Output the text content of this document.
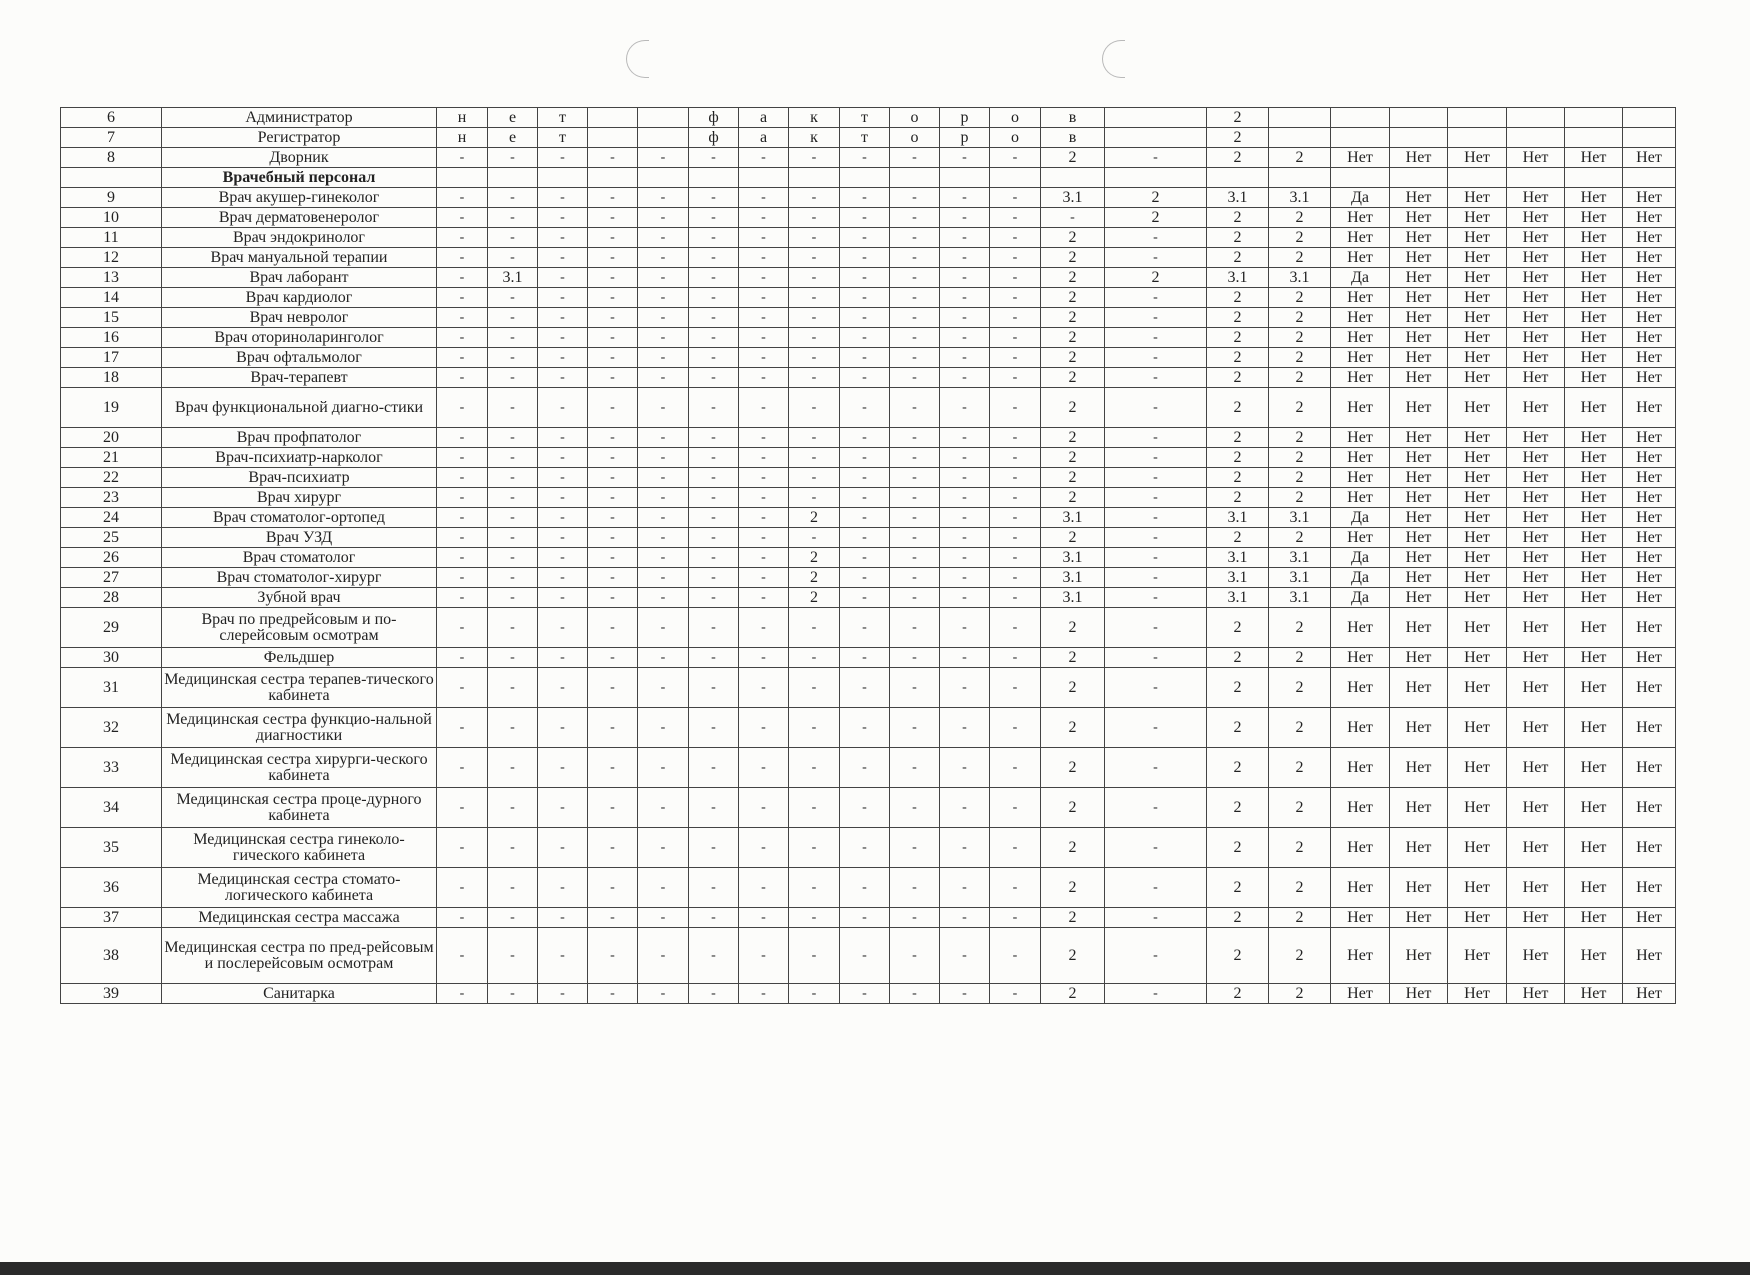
6	Администратор	н	е	т			ф	а	к	т	о	р	о	в		2							
7	Регистратор	н	е	т			ф	а	к	т	о	р	о	в		2							
8	Дворник	-	-	-	-	-	-	-	-	-	-	-	-	2	-	2	2	Нет	Нет	Нет	Нет	Нет	Нет
	Врачебный персонал																						
9	Врач акушер-гинеколог	-	-	-	-	-	-	-	-	-	-	-	-	3.1	2	3.1	3.1	Да	Нет	Нет	Нет	Нет	Нет
10	Врач дерматовенеролог	-	-	-	-	-	-	-	-	-	-	-	-	-	2	2	2	Нет	Нет	Нет	Нет	Нет	Нет
11	Врач эндокринолог	-	-	-	-	-	-	-	-	-	-	-	-	2	-	2	2	Нет	Нет	Нет	Нет	Нет	Нет
12	Врач мануальной терапии	-	-	-	-	-	-	-	-	-	-	-	-	2	-	2	2	Нет	Нет	Нет	Нет	Нет	Нет
13	Врач лаборант	-	3.1	-	-	-	-	-	-	-	-	-	-	2	2	3.1	3.1	Да	Нет	Нет	Нет	Нет	Нет
14	Врач кардиолог	-	-	-	-	-	-	-	-	-	-	-	-	2	-	2	2	Нет	Нет	Нет	Нет	Нет	Нет
15	Врач невролог	-	-	-	-	-	-	-	-	-	-	-	-	2	-	2	2	Нет	Нет	Нет	Нет	Нет	Нет
16	Врач оториноларинголог	-	-	-	-	-	-	-	-	-	-	-	-	2	-	2	2	Нет	Нет	Нет	Нет	Нет	Нет
17	Врач офтальмолог	-	-	-	-	-	-	-	-	-	-	-	-	2	-	2	2	Нет	Нет	Нет	Нет	Нет	Нет
18	Врач-терапевт	-	-	-	-	-	-	-	-	-	-	-	-	2	-	2	2	Нет	Нет	Нет	Нет	Нет	Нет
19	Врач функциональной диагно-стики	-	-	-	-	-	-	-	-	-	-	-	-	2	-	2	2	Нет	Нет	Нет	Нет	Нет	Нет
20	Врач профпатолог	-	-	-	-	-	-	-	-	-	-	-	-	2	-	2	2	Нет	Нет	Нет	Нет	Нет	Нет
21	Врач-психиатр-нарколог	-	-	-	-	-	-	-	-	-	-	-	-	2	-	2	2	Нет	Нет	Нет	Нет	Нет	Нет
22	Врач-психиатр	-	-	-	-	-	-	-	-	-	-	-	-	2	-	2	2	Нет	Нет	Нет	Нет	Нет	Нет
23	Врач хирург	-	-	-	-	-	-	-	-	-	-	-	-	2	-	2	2	Нет	Нет	Нет	Нет	Нет	Нет
24	Врач стоматолог-ортопед	-	-	-	-	-	-	-	2	-	-	-	-	3.1	-	3.1	3.1	Да	Нет	Нет	Нет	Нет	Нет
25	Врач УЗД	-	-	-	-	-	-	-	-	-	-	-	-	2	-	2	2	Нет	Нет	Нет	Нет	Нет	Нет
26	Врач стоматолог	-	-	-	-	-	-	-	2	-	-	-	-	3.1	-	3.1	3.1	Да	Нет	Нет	Нет	Нет	Нет
27	Врач стоматолог-хирург	-	-	-	-	-	-	-	2	-	-	-	-	3.1	-	3.1	3.1	Да	Нет	Нет	Нет	Нет	Нет
28	Зубной врач	-	-	-	-	-	-	-	2	-	-	-	-	3.1	-	3.1	3.1	Да	Нет	Нет	Нет	Нет	Нет
29	Врач по предрейсовым и по-слерейсовым осмотрам	-	-	-	-	-	-	-	-	-	-	-	-	2	-	2	2	Нет	Нет	Нет	Нет	Нет	Нет
30	Фельдшер	-	-	-	-	-	-	-	-	-	-	-	-	2	-	2	2	Нет	Нет	Нет	Нет	Нет	Нет
31	Медицинская сестра терапев-тического кабинета	-	-	-	-	-	-	-	-	-	-	-	-	2	-	2	2	Нет	Нет	Нет	Нет	Нет	Нет
32	Медицинская сестра функцио-нальной диагностики	-	-	-	-	-	-	-	-	-	-	-	-	2	-	2	2	Нет	Нет	Нет	Нет	Нет	Нет
33	Медицинская сестра хирурги-ческого кабинета	-	-	-	-	-	-	-	-	-	-	-	-	2	-	2	2	Нет	Нет	Нет	Нет	Нет	Нет
34	Медицинская сестра проце-дурного кабинета	-	-	-	-	-	-	-	-	-	-	-	-	2	-	2	2	Нет	Нет	Нет	Нет	Нет	Нет
35	Медицинская сестра гинеколо-гического кабинета	-	-	-	-	-	-	-	-	-	-	-	-	2	-	2	2	Нет	Нет	Нет	Нет	Нет	Нет
36	Медицинская сестра стомато-логического кабинета	-	-	-	-	-	-	-	-	-	-	-	-	2	-	2	2	Нет	Нет	Нет	Нет	Нет	Нет
37	Медицинская сестра массажа	-	-	-	-	-	-	-	-	-	-	-	-	2	-	2	2	Нет	Нет	Нет	Нет	Нет	Нет
38	Медицинская сестра по пред-рейсовым и послерейсовым осмотрам	-	-	-	-	-	-	-	-	-	-	-	-	2	-	2	2	Нет	Нет	Нет	Нет	Нет	Нет
39	Санитарка	-	-	-	-	-	-	-	-	-	-	-	-	2	-	2	2	Нет	Нет	Нет	Нет	Нет	Нет
